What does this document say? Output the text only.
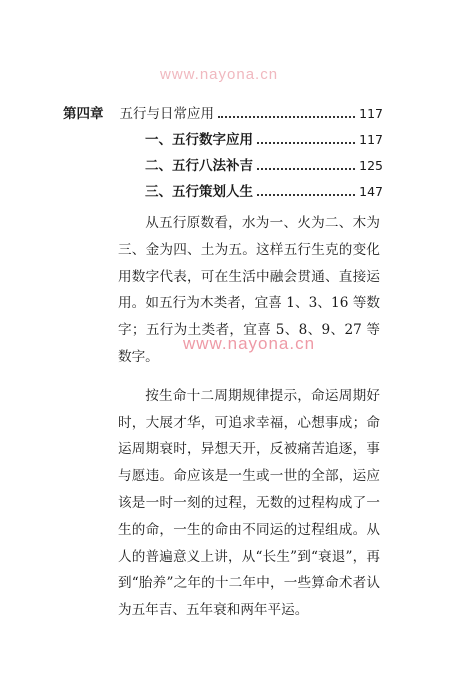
www.nayona.cn
www.nayona.cn
第四章 五行与日常应用	117
一、五行数字应用	117
二、五行八法补吉	125
三、五行策划人生	147

从五行原数看，水为一、火为二、木为三、金为四、土为五。这样五行生克的变化用数字代表，可在生活中融会贯通、直接运用。如五行为木类者，宜喜 1、3、16 等数字；五行为土类者，宜喜 5、8、9、27 等数字。

按生命十二周期规律提示，命运周期好时，大展才华，可追求幸福，心想事成；命运周期衰时，异想天开，反被痛苦追逐，事与愿违。命应该是一生或一世的全部，运应该是一时一刻的过程，无数的过程构成了一生的命，一生的命由不同运的过程组成。从人的普遍意义上讲，从“长生”到“衰退”，再到“胎养”之年的十二年中，一些算命术者认为五年吉、五年衰和两年平运。
